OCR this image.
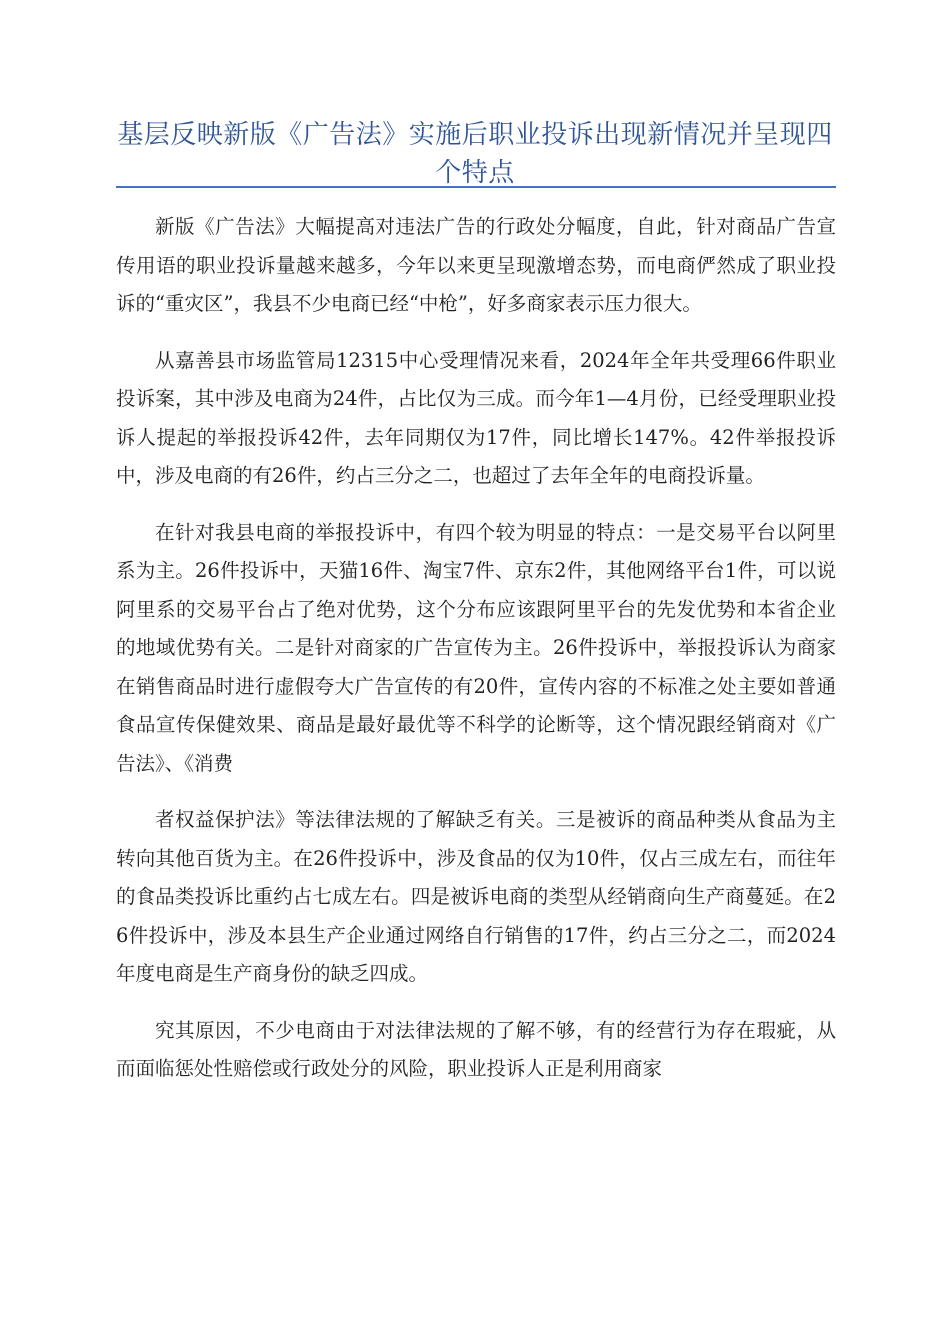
基层反映新版《广告法》实施后职业投诉出现新情况并呈现四个特点

新版《广告法》大幅提高对违法广告的行政处分幅度，自此，针对商品广告宣传用语的职业投诉量越来越多，今年以来更呈现激增态势，而电商俨然成了职业投诉的“重灾区”，我县不少电商已经“中枪”，好多商家表示压力很大。

从嘉善县市场监管局12315中心受理情况来看，2024年全年共受理66件职业投诉案，其中涉及电商为24件，占比仅为三成。而今年1—4月份，已经受理职业投诉人提起的举报投诉42件，去年同期仅为17件，同比增长147%。42件举报投诉中，涉及电商的有26件，约占三分之二，也超过了去年全年的电商投诉量。

在针对我县电商的举报投诉中，有四个较为明显的特点：一是交易平台以阿里系为主。26件投诉中，天猫16件、淘宝7件、京东2件，其他网络平台1件，可以说阿里系的交易平台占了绝对优势，这个分布应该跟阿里平台的先发优势和本省企业的地域优势有关。二是针对商家的广告宣传为主。26件投诉中，举报投诉认为商家在销售商品时进行虚假夸大广告宣传的有20件，宣传内容的不标准之处主要如普通食品宣传保健效果、商品是最好最优等不科学的论断等，这个情况跟经销商对《广告法》、《消费

者权益保护法》等法律法规的了解缺乏有关。三是被诉的商品种类从食品为主转向其他百货为主。在26件投诉中，涉及食品的仅为10件，仅占三成左右，而往年的食品类投诉比重约占七成左右。四是被诉电商的类型从经销商向生产商蔓延。在26件投诉中，涉及本县生产企业通过网络自行销售的17件，约占三分之二，而2024年度电商是生产商身份的缺乏四成。

究其原因，不少电商由于对法律法规的了解不够，有的经营行为存在瑕疵，从而面临惩处性赔偿或行政处分的风险，职业投诉人正是利用商家
